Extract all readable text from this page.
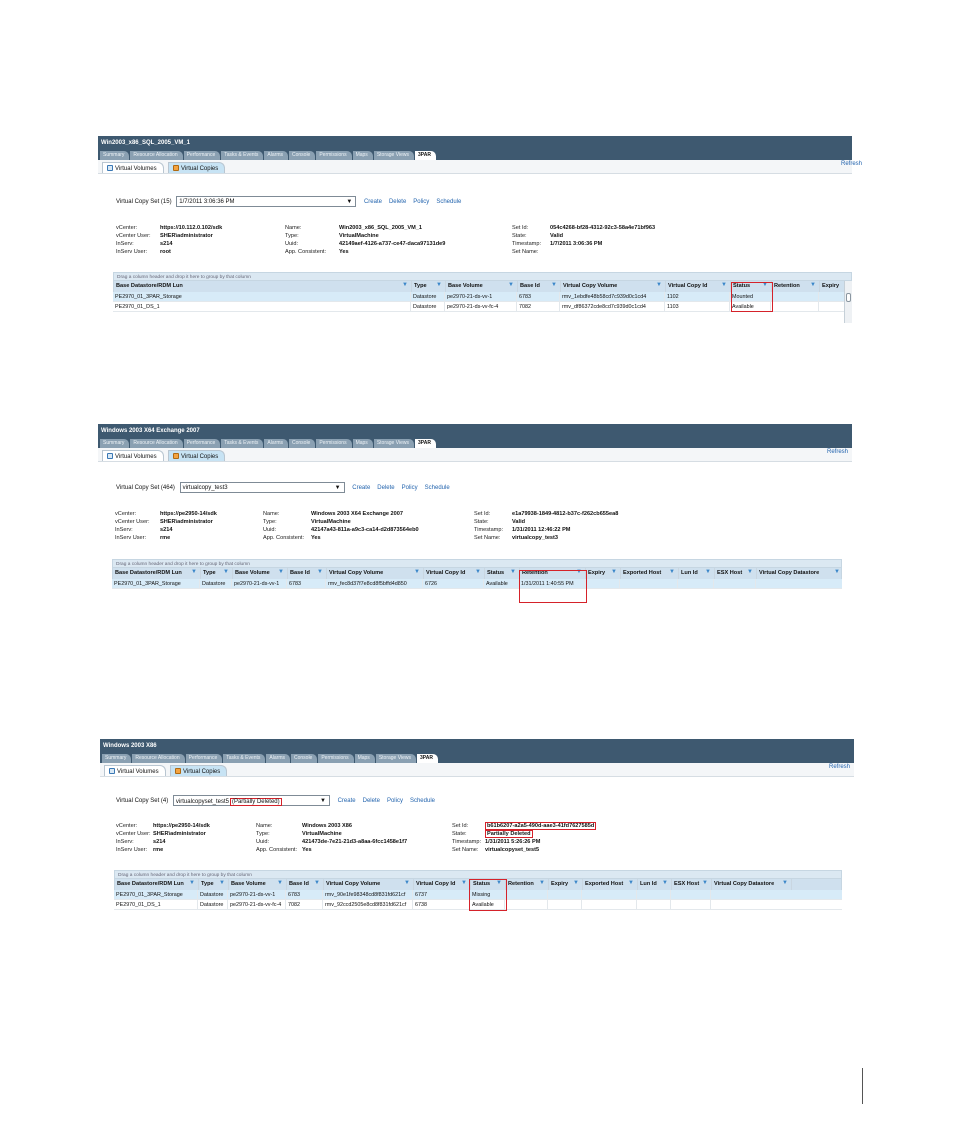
Win2003_x86_SQL_2005_VM_1
Summary Resource Allocation Performance Tasks & Events Alarms Console Permissions Maps Storage Views 3PAR
Virtual Volumes	Virtual Copies
Refresh
Virtual Copy Set (15) 1/7/2011 3:06:36 PM	▼ Create Delete Policy Schedule
vCenter:	https://10.112.0.102/sdk
vCenter User: SHER\administrator
InServ:	s214
InServ User: root
Name:	Win2003_x86_SQL_2005_VM_1
Type:	VirtualMachine
Uuid:	42149aef-4126-a737-ce47-daca97131de9
App. Consistent: Yes
Set Id:	054c4268-bf28-4312-92c3-58a4e71bf963
State:	Valid
Timestamp: 1/7/2011 3:06:36 PM
Set Name:
Drag a column header and drop it here to group by that column
Base Datastore/RDM Lun	▼	Type ▼	Base Volume	▼	Base Id ▼	Virtual Copy Volume	▼	Virtual Copy Id ▼	Status ▼	Retention ▼	Expiry
PE2970_01_3PAR_Storage	Datastore	pe2970-21-ds-vv-1	6783	rmv_1ebdfe48b58cd7c939d0c1cd4	1102	Mounted
PE2970_01_DS_1	Datastore	pe2970-21-ds-vv-fc-4	7082	rmv_df86372cde8cd7c939d0c1cd4	1103	Available
Windows 2003 X64 Exchange 2007
Summary Resource Allocation Performance Tasks & Events Alarms Console Permissions Maps Storage Views 3PAR
Virtual Volumes	Virtual Copies
Refresh
Virtual Copy Set (464) virtualcopy_test3	▼ Create Delete Policy Schedule
vCenter:	https://pe2950-14/sdk
vCenter User: SHER\administrator
InServ:	s214
InServ User: rme
Name:	Windows 2003 X64 Exchange 2007
Type:	VirtualMachine
Uuid:	42147a43-811a-a9c3-ca14-d2d873564eb0
App. Consistent: Yes
Set Id:	e1a79938-1849-4812-b37c-f262cb655ea8
State:	Valid
Timestamp: 1/31/2011 12:46:22 PM
Set Name: virtualcopy_test3
Drag a column header and drop it here to group by that column
Base Datastore/RDM Lun ▼	Type ▼	Base Volume ▼	Base Id ▼	Virtual Copy Volume	▼	Virtual Copy Id ▼	Status ▼	Retention	▼	Expiry ▼	Exported Host ▼	Lun Id ▼	ESX Host ▼	Virtual Copy Datastore ▼
PE2970_01_3PAR_Storage	Datastore	pe2970-21-ds-vv-1	6783	rmv_fec8d37f7e8cd8f5bffd4d850	6726	Available	1/31/2011 1:40:55 PM
Windows 2003 X86
Summary Resource Allocation Performance Tasks & Events Alarms Console Permissions Maps Storage Views 3PAR
Virtual Volumes	Virtual Copies
Refresh
Virtual Copy Set (4) virtualcopyset_test5 (Partially Deleted)	▼ Create Delete Policy Schedule
vCenter:	https://pe2950-14/sdk
vCenter User: SHER\administrator
InServ:	s214
InServ User: rme
Name:	Windows 2003 X86
Type:	VirtualMachine
Uuid:	421473de-7e21-21d3-a8aa-6fcc1458e1f7
App. Consistent: Yes
Set Id:	b61b6207-a2a5-490d-aae3-41fd7627585d
State:	Partially Deleted
Timestamp: 1/31/2011 5:26:26 PM
Set Name: virtualcopyset_test5
Drag a column header and drop it here to group by that column
Base Datastore/RDM Lun ▼	Type ▼	Base Volume ▼	Base Id ▼	Virtual Copy Volume	▼	Virtual Copy Id ▼	Status ▼	Retention ▼	Expiry ▼	Exported Host ▼	Lun Id ▼	ESX Host ▼	Virtual Copy Datastore ▼
PE2970_01_3PAR_Storage	Datastore	pe2970-21-ds-vv-1	6783	rmv_90e1fe98348cd8f831fd621cf	6737	Missing
PE2970_01_DS_1	Datastore	pe2970-21-ds-vv-fc-4	7082	rmv_92ccd2505e8cd8f831fd621cf	6738	Available
